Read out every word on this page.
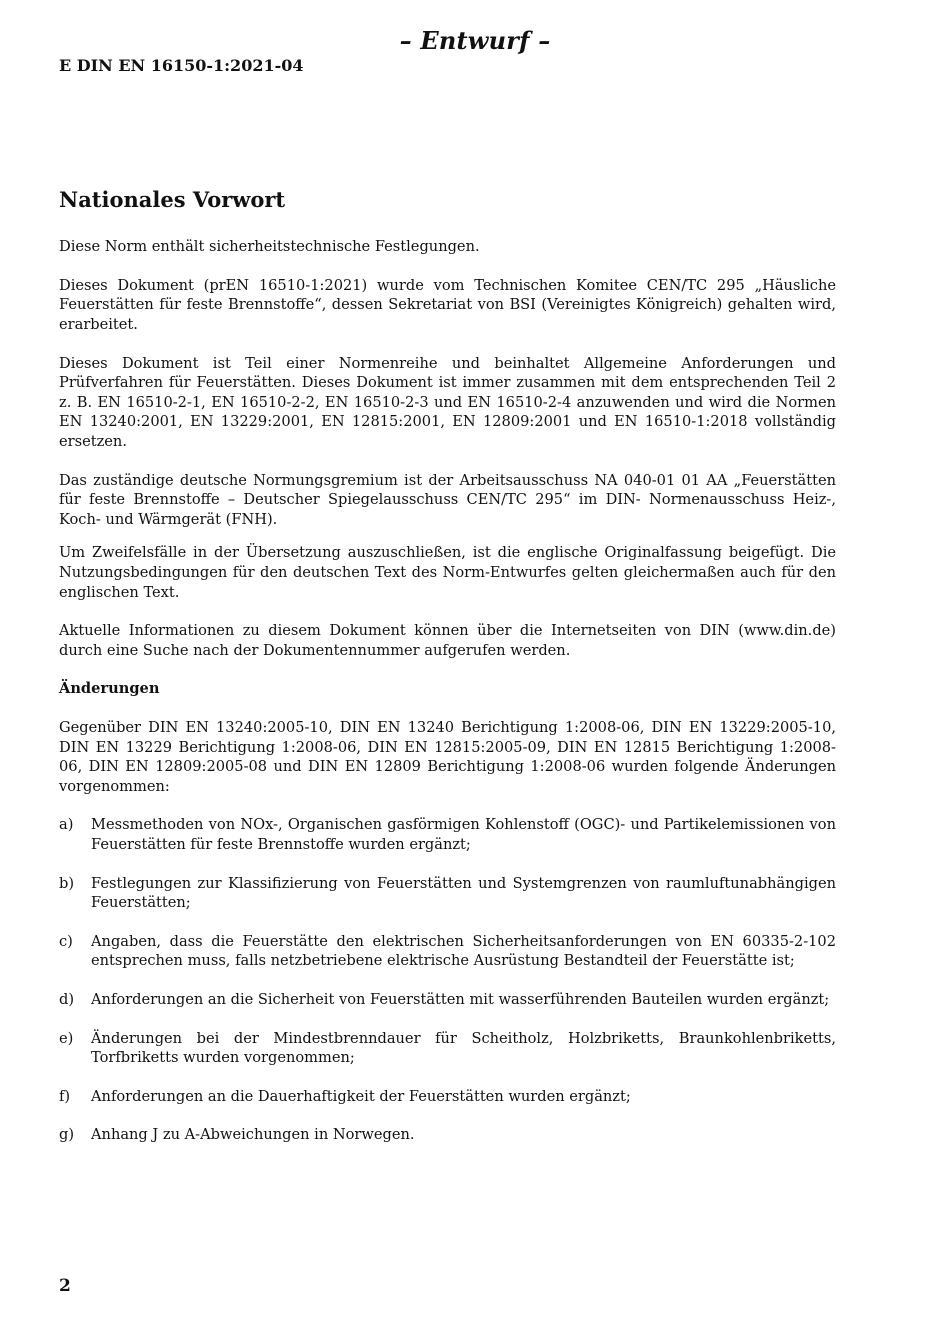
– Entwurf –
E DIN EN 16150-1:2021-04
Nationales Vorwort

Diese Norm enthält sicherheitstechnische Festlegungen.

Dieses Dokument (prEN 16510-1:2021) wurde vom Technischen Komitee CEN/TC 295 „Häusliche Feuerstätten für feste Brennstoffe“, dessen Sekretariat von BSI (Vereinigtes Königreich) gehalten wird, erarbeitet.

Dieses Dokument ist Teil einer Normenreihe und beinhaltet Allgemeine Anforderungen und Prüfverfahren für Feuerstätten. Dieses Dokument ist immer zusammen mit dem entsprechenden Teil 2 z. B. EN 16510-2-1, EN 16510-2-2, EN 16510-2-3 und EN 16510-2-4 anzuwenden und wird die Normen EN 13240:2001, EN 13229:2001, EN 12815:2001, EN 12809:2001 und EN 16510-1:2018 vollständig ersetzen.

Das zuständige deutsche Normungsgremium ist der Arbeitsausschuss NA 040-01 01 AA „Feuerstätten für feste Brennstoffe – Deutscher Spiegelausschuss CEN/TC 295“ im DIN- Normenausschuss Heiz-, Koch- und Wärmgerät (FNH).

Um Zweifelsfälle in der Übersetzung auszuschließen, ist die englische Originalfassung beigefügt. Die Nutzungsbedingungen für den deutschen Text des Norm-Entwurfes gelten gleichermaßen auch für den englischen Text.

Aktuelle Informationen zu diesem Dokument können über die Internetseiten von DIN (www.din.de) durch eine Suche nach der Dokumentennummer aufgerufen werden.

Änderungen

Gegenüber DIN EN 13240:2005-10, DIN EN 13240 Berichtigung 1:2008-06, DIN EN 13229:2005-10, DIN EN 13229 Berichtigung 1:2008-06, DIN EN 12815:2005-09, DIN EN 12815 Berichtigung 1:2008-06, DIN EN 12809:2005-08 und DIN EN 12809 Berichtigung 1:2008-06 wurden folgende Änderungen vorgenommen:

a) Messmethoden von NOx-, Organischen gasförmigen Kohlenstoff (OGC)- und Partikelemissionen von Feuerstätten für feste Brennstoffe wurden ergänzt;
b) Festlegungen zur Klassifizierung von Feuerstätten und Systemgrenzen von raumluftunabhängigen Feuerstätten;
c) Angaben, dass die Feuerstätte den elektrischen Sicherheitsanforderungen von EN 60335-2-102 entsprechen muss, falls netzbetriebene elektrische Ausrüstung Bestandteil der Feuerstätte ist;
d) Anforderungen an die Sicherheit von Feuerstätten mit wasserführenden Bauteilen wurden ergänzt;
e) Änderungen bei der Mindestbrenndauer für Scheitholz, Holzbriketts, Braunkohlenbriketts, Torfbriketts wurden vorgenommen;
f) Anforderungen an die Dauerhaftigkeit der Feuerstätten wurden ergänzt;
g) Anhang J zu A-Abweichungen in Norwegen.
2
